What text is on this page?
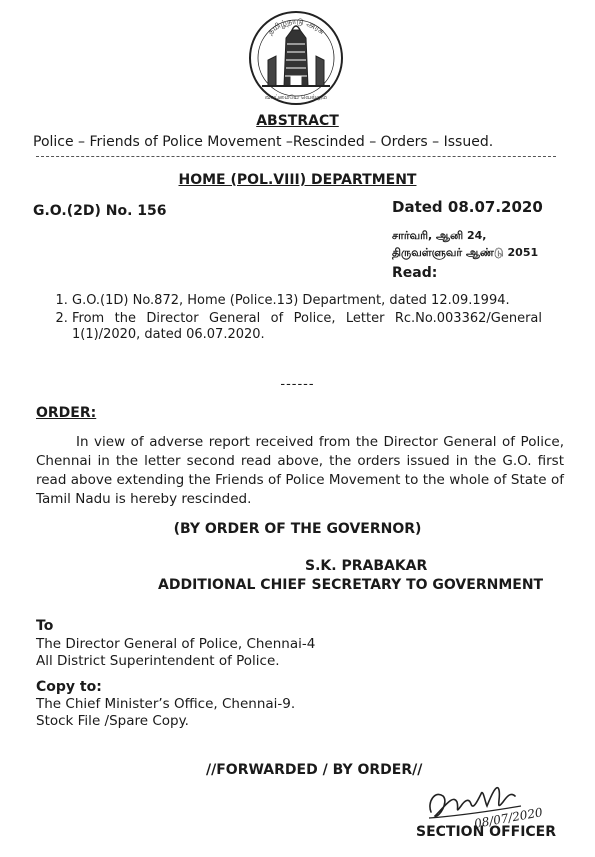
தமிழ்நாடு அரசு
வாய்மையே வெல்லும்
ABSTRACT
Police – Friends of Police Movement –Rescinded – Orders – Issued.
HOME (POL.VIII) DEPARTMENT
G.O.(2D) No. 156	Dated 08.07.2020
சார்வரி, ஆனி 24,
திருவள்ளுவர் ஆண்டு 2051
Read:
1. G.O.(1D) No.872, Home (Police.13) Department, dated 12.09.1994.
2. From the Director General of Police, Letter Rc.No.003362/General 1(1)/2020, dated 06.07.2020.
------
ORDER:
In view of adverse report received from the Director General of Police, Chennai in the letter second read above, the orders issued in the G.O. first read above extending the Friends of Police Movement to the whole of State of Tamil Nadu is hereby rescinded.
(BY ORDER OF THE GOVERNOR)
S.K. PRABAKAR
ADDITIONAL CHIEF SECRETARY TO GOVERNMENT
To
The Director General of Police, Chennai-4
All District Superintendent of Police.
Copy to:
The Chief Minister’s Office, Chennai-9.
Stock File /Spare Copy.
//FORWARDED / BY ORDER//
08/07/2020
SECTION OFFICER
